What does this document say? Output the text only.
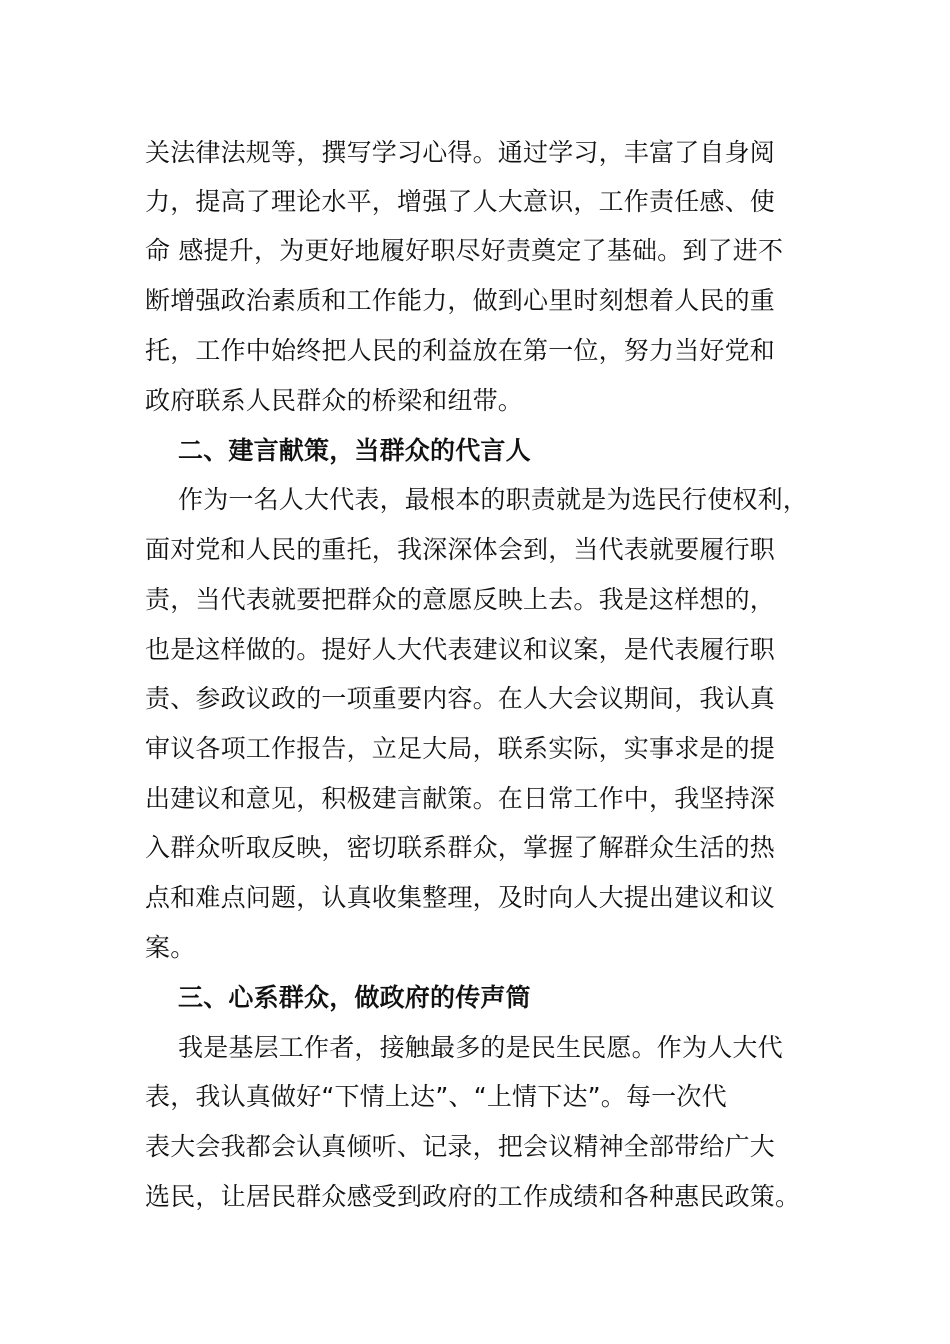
关法律法规等，撰写学习心得。通过学习，丰富了自身阅
力，提高了理论水平，增强了人大意识，工作责任感、使
命 感提升，为更好地履好职尽好责奠定了基础。到了进不
断增强政治素质和工作能力，做到心里时刻想着人民的重
托，工作中始终把人民的利益放在第一位，努力当好党和
政府联系人民群众的桥梁和纽带。
二、建言献策，当群众的代言人
作为一名人大代表，最根本的职责就是为选民行使权利，
面对党和人民的重托，我深深体会到，当代表就要履行职
责，当代表就要把群众的意愿反映上去。我是这样想的，
也是这样做的。提好人大代表建议和议案，是代表履行职
责、参政议政的一项重要内容。在人大会议期间，我认真
审议各项工作报告，立足大局，联系实际，实事求是的提
出建议和意见，积极建言献策。在日常工作中，我坚持深
入群众听取反映，密切联系群众，掌握了解群众生活的热
点和难点问题，认真收集整理，及时向人大提出建议和议
案。
三、心系群众，做政府的传声筒
我是基层工作者，接触最多的是民生民愿。作为人大代
表，我认真做好“下情上达”、“上情下达”。每一次代
表大会我都会认真倾听、记录，把会议精神全部带给广大
选民，让居民群众感受到政府的工作成绩和各种惠民政策。
